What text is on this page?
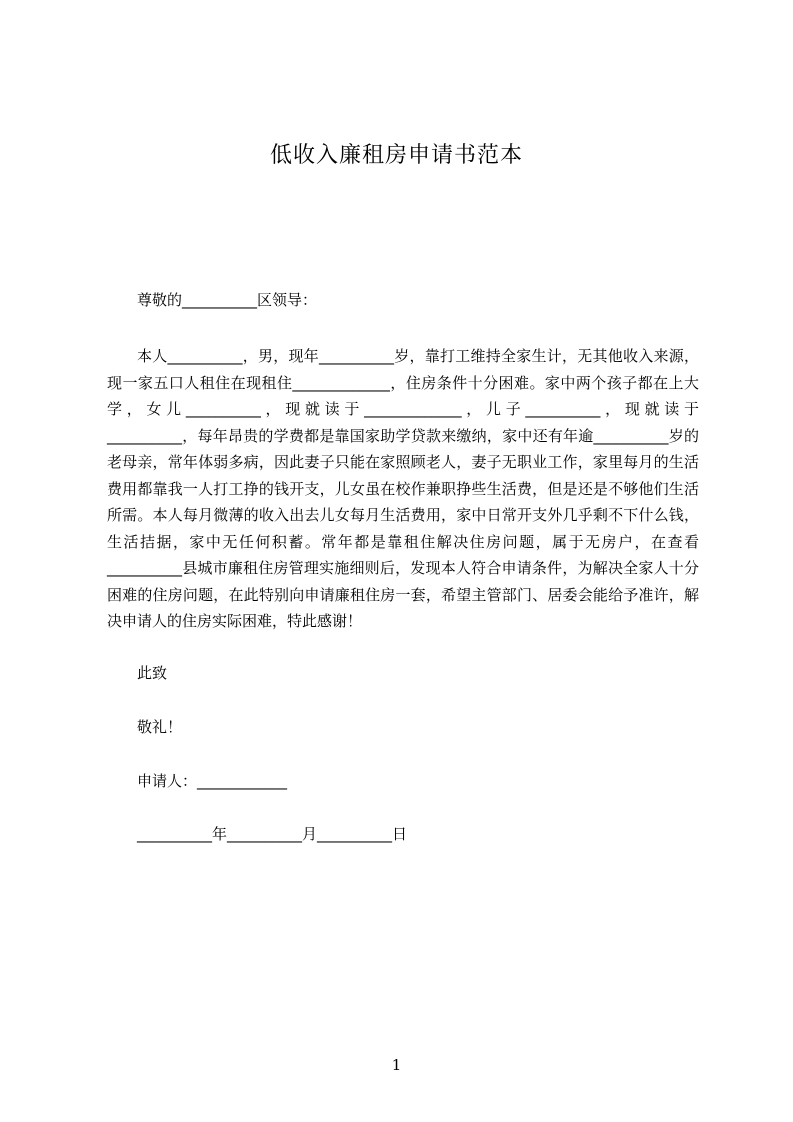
低收入廉租房申请书范本
尊敬的__________区领导：

本人__________，男，现年__________岁，靠打工维持全家生计，无其他收入来源，现一家五口人租住在现租住_____________，住房条件十分困难。家中两个孩子都在上大学，女儿__________，现就读于_____________，儿子__________，现就读于__________，每年昂贵的学费都是靠国家助学贷款来缴纳，家中还有年逾__________岁的老母亲，常年体弱多病，因此妻子只能在家照顾老人，妻子无职业工作，家里每月的生活费用都靠我一人打工挣的钱开支，儿女虽在校作兼职挣些生活费，但是还是不够他们生活所需。本人每月微薄的收入出去儿女每月生活费用，家中日常开支外几乎剩不下什么钱，生活拮据，家中无任何积蓄。常年都是靠租住解决住房问题，属于无房户，在查看__________县城市廉租住房管理实施细则后，发现本人符合申请条件，为解决全家人十分困难的住房问题，在此特别向申请廉租住房一套，希望主管部门、居委会能给予准许，解决申请人的住房实际困难，特此感谢！

此致
敬礼！
申请人：____________
__________年__________月__________日
1
